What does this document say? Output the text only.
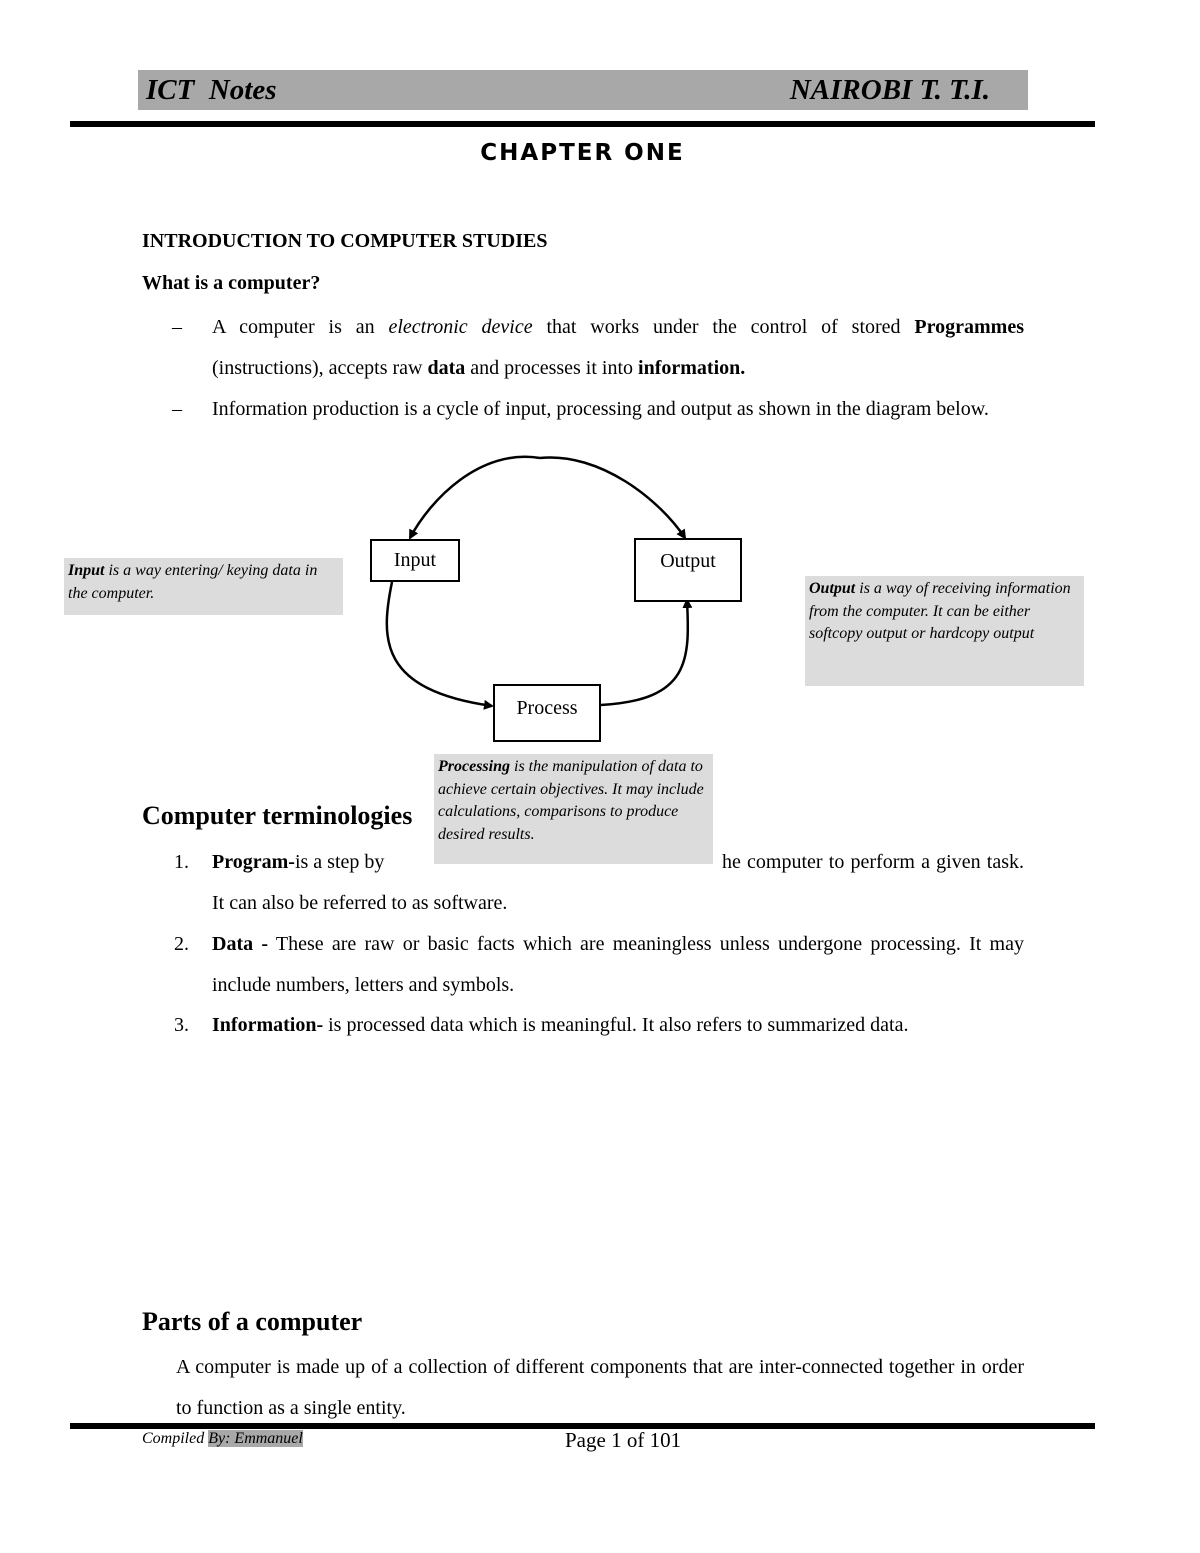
ICT  Notes	NAIROBI T. T.I.
CHAPTER ONE
INTRODUCTION TO COMPUTER STUDIES
What is a computer?
– A computer is an electronic device that works under the control of stored Programmes (instructions), accepts raw data and processes it into information.
– Information production is a cycle of input, processing and output as shown in the diagram below.
Input	Output
Process
Input is a way entering/ keying data in the computer.	Output is a way of receiving information from the computer. It can be either softcopy output or hardcopy output
Processing is the manipulation of data to achieve certain objectives. It may include calculations, comparisons to produce desired results.
Computer terminologies
1. Program-is a step by	he computer to perform a given task. It can also be referred to as software.
2. Data - These are raw or basic facts which are meaningless unless undergone processing. It may include numbers, letters and symbols.
3. Information- is processed data which is meaningful. It also refers to summarized data.
Parts of a computer
A computer is made up of a collection of different components that are inter-connected together in order to function as a single entity.
Compiled By: Emmanuel	Page 1 of 101
